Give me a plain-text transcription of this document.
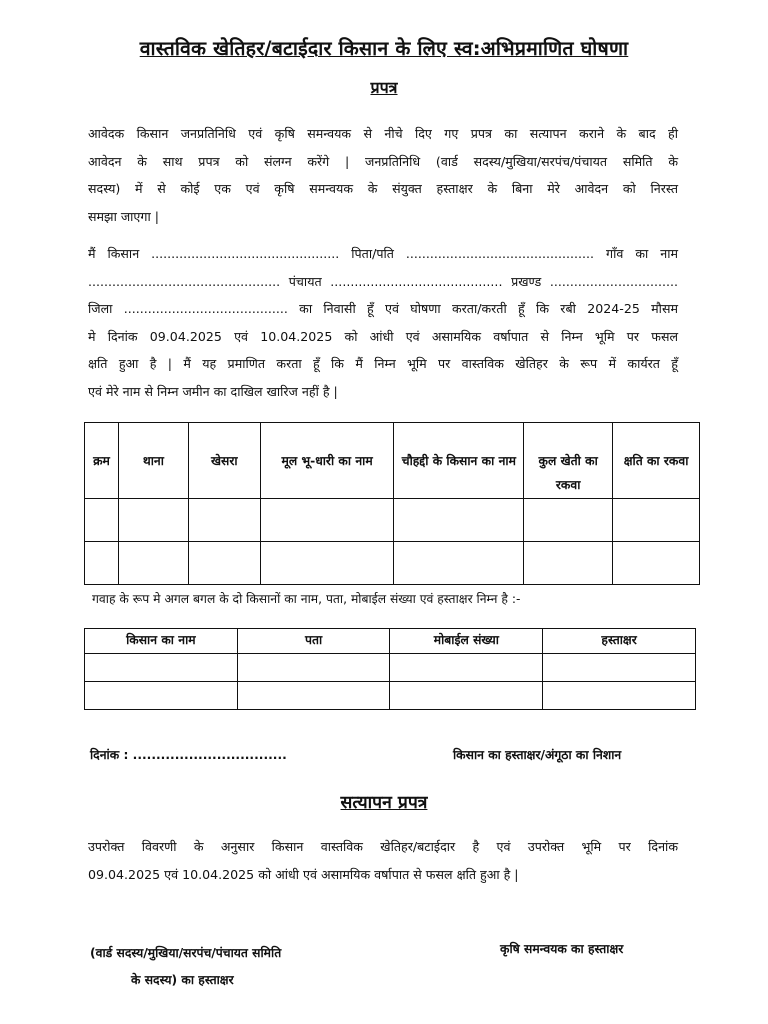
वास्तविक खेतिहर/बटाईदार किसान के लिए स्व:अभिप्रमाणित घोषणा
प्रपत्र

आवेदक किसान जनप्रतिनिधि एवं कृषि समन्वयक से नीचे दिए गए प्रपत्र का सत्यापन कराने के बाद ही

आवेदन के साथ प्रपत्र को संलग्न करेंगे | जनप्रतिनिधि (वार्ड सदस्य/मुखिया/सरपंच/पंचायत समिति के

सदस्य) में से कोई एक एवं कृषि समन्वयक के संयुक्त हस्ताक्षर के बिना मेरे आवेदन को निरस्त

समझा जाएगा |

मैं किसान ............................................... पिता/पति ............................................... गाँव का नाम

................................................ पंचायत ........................................... प्रखण्ड ................................

जिला ......................................... का निवासी हूँ एवं घोषणा करता/करती हूँ कि रबी 2024-25 मौसम

मे दिनांक 09.04.2025 एवं 10.04.2025 को आंधी एवं असामयिक वर्षापात से निम्न भूमि पर फसल

क्षति हुआ है | मैं यह प्रमाणित करता हूँ कि मैं निम्न भूमि पर वास्तविक खेतिहर के रूप में कार्यरत हूँ

एवं मेरे नाम से निम्न जमीन का दाखिल खारिज नहीं है |

क्रम	थाना	खेसरा	मूल भू-धारी का नाम	चौहद्दी के किसान का नाम	कुल खेती का रकवा	क्षति का रकवा

गवाह के रूप मे अगल बगल के दो किसानों का नाम, पता, मोबाईल संख्या एवं हस्ताक्षर निम्न है :-
किसान का नाम	पता	मोबाईल संख्या	हस्ताक्षर

दिनांक : .................................	किसान का हस्ताक्षर/अंगूठा का निशान
सत्यापन प्रपत्र

उपरोक्त विवरणी के अनुसार किसान वास्तविक खेतिहर/बटाईदार है एवं उपरोक्त भूमि पर दिनांक

09.04.2025 एवं 10.04.2025 को आंधी एवं असामयिक वर्षापात से फसल क्षति हुआ है |

(वार्ड सदस्य/मुखिया/सरपंच/पंचायत समिति
के सदस्य) का हस्ताक्षर
कृषि समन्वयक का हस्ताक्षर
